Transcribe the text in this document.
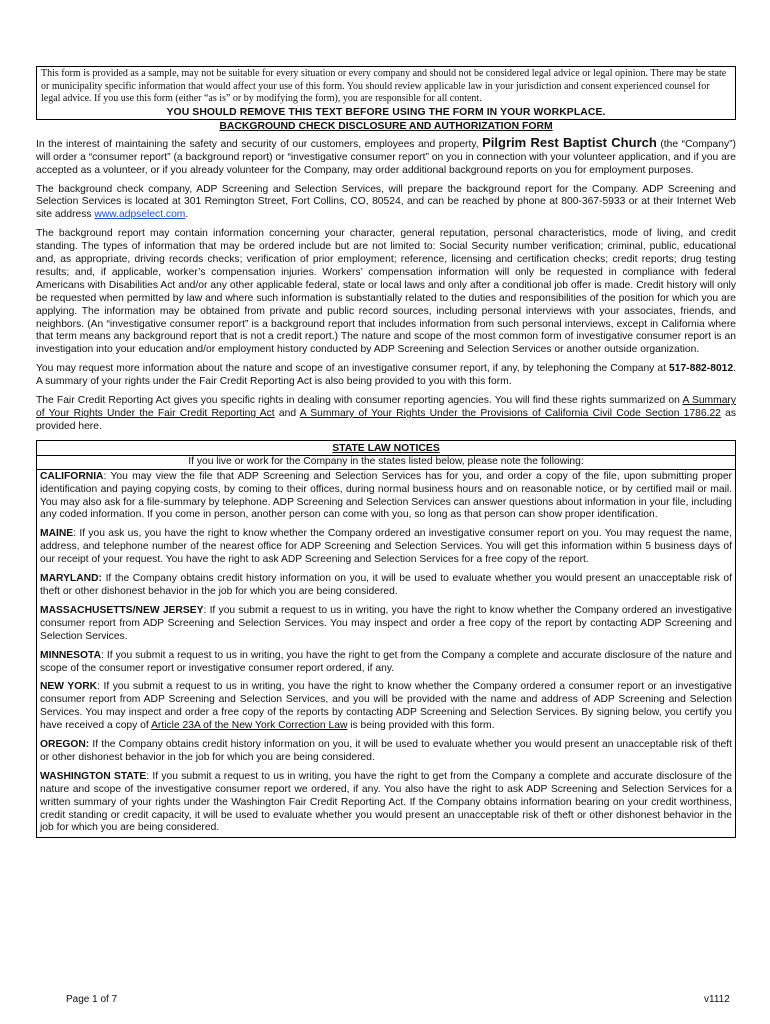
This form is provided as a sample, may not be suitable for every situation or every company and should not be considered legal advice or legal opinion. There may be state or municipality specific information that would affect your use of this form. You should review applicable law in your jurisdiction and consent experienced counsel for legal advice. If you use this form (either “as is” or by modifying the form), you are responsible for all content.
YOU SHOULD REMOVE THIS TEXT BEFORE USING THE FORM IN YOUR WORKPLACE.
BACKGROUND CHECK DISCLOSURE AND AUTHORIZATION FORM

In the interest of maintaining the safety and security of our customers, employees and property, Pilgrim Rest Baptist Church (the “Company”) will order a “consumer report” (a background report) or “investigative consumer report” on you in connection with your volunteer application, and if you are accepted as a volunteer, or if you already volunteer for the Company, may order additional background reports on you for employment purposes.

The background check company, ADP Screening and Selection Services, will prepare the background report for the Company. ADP Screening and Selection Services is located at 301 Remington Street, Fort Collins, CO, 80524, and can be reached by phone at 800-367-5933 or at their Internet Web site address www.adpselect.com.

The background report may contain information concerning your character, general reputation, personal characteristics, mode of living, and credit standing. The types of information that may be ordered include but are not limited to: Social Security number verification; criminal, public, educational and, as appropriate, driving records checks; verification of prior employment; reference, licensing and certification checks; credit reports; drug testing results; and, if applicable, worker’s compensation injuries. Workers’ compensation information will only be requested in compliance with federal Americans with Disabilities Act and/or any other applicable federal, state or local laws and only after a conditional job offer is made. Credit history will only be requested when permitted by law and where such information is substantially related to the duties and responsibilities of the position for which you are applying. The information may be obtained from private and public record sources, including personal interviews with your associates, friends, and neighbors. (An “investigative consumer report” is a background report that includes information from such personal interviews, except in California where that term means any background report that is not a credit report.) The nature and scope of the most common form of investigative consumer report is an investigation into your education and/or employment history conducted by ADP Screening and Selection Services or another outside organization.

You may request more information about the nature and scope of an investigative consumer report, if any, by telephoning the Company at 517-882-8012. A summary of your rights under the Fair Credit Reporting Act is also being provided to you with this form.

The Fair Credit Reporting Act gives you specific rights in dealing with consumer reporting agencies. You will find these rights summarized on A Summary of Your Rights Under the Fair Credit Reporting Act and A Summary of Your Rights Under the Provisions of California Civil Code Section 1786.22 as provided here.

STATE LAW NOTICES
If you live or work for the Company in the states listed below, please note the following:

CALIFORNIA: You may view the file that ADP Screening and Selection Services has for you, and order a copy of the file, upon submitting proper identification and paying copying costs, by coming to their offices, during normal business hours and on reasonable notice, or by certified mail or mail. You may also ask for a file-summary by telephone. ADP Screening and Selection Services can answer questions about information in your file, including any coded information. If you come in person, another person can come with you, so long as that person can show proper identification.

MAINE: If you ask us, you have the right to know whether the Company ordered an investigative consumer report on you. You may request the name, address, and telephone number of the nearest office for ADP Screening and Selection Services. You will get this information within 5 business days of our receipt of your request. You have the right to ask ADP Screening and Selection Services for a free copy of the report.

MARYLAND: If the Company obtains credit history information on you, it will be used to evaluate whether you would present an unacceptable risk of theft or other dishonest behavior in the job for which you are being considered.

MASSACHUSETTS/NEW JERSEY: If you submit a request to us in writing, you have the right to know whether the Company ordered an investigative consumer report from ADP Screening and Selection Services. You may inspect and order a free copy of the report by contacting ADP Screening and Selection Services.

MINNESOTA: If you submit a request to us in writing, you have the right to get from the Company a complete and accurate disclosure of the nature and scope of the consumer report or investigative consumer report ordered, if any.

NEW YORK: If you submit a request to us in writing, you have the right to know whether the Company ordered a consumer report or an investigative consumer report from ADP Screening and Selection Services, and you will be provided with the name and address of ADP Screening and Selection Services. You may inspect and order a free copy of the reports by contacting ADP Screening and Selection Services. By signing below, you certify you have received a copy of Article 23A of the New York Correction Law is being provided with this form.

OREGON: If the Company obtains credit history information on you, it will be used to evaluate whether you would present an unacceptable risk of theft or other dishonest behavior in the job for which you are being considered.

WASHINGTON STATE: If you submit a request to us in writing, you have the right to get from the Company a complete and accurate disclosure of the nature and scope of the investigative consumer report we ordered, if any. You also have the right to ask ADP Screening and Selection Services for a written summary of your rights under the Washington Fair Credit Reporting Act. If the Company obtains information bearing on your credit worthiness, credit standing or credit capacity, it will be used to evaluate whether you would present an unacceptable risk of theft or other dishonest behavior in the job for which you are being considered.

Page 1 of 7	v1112
